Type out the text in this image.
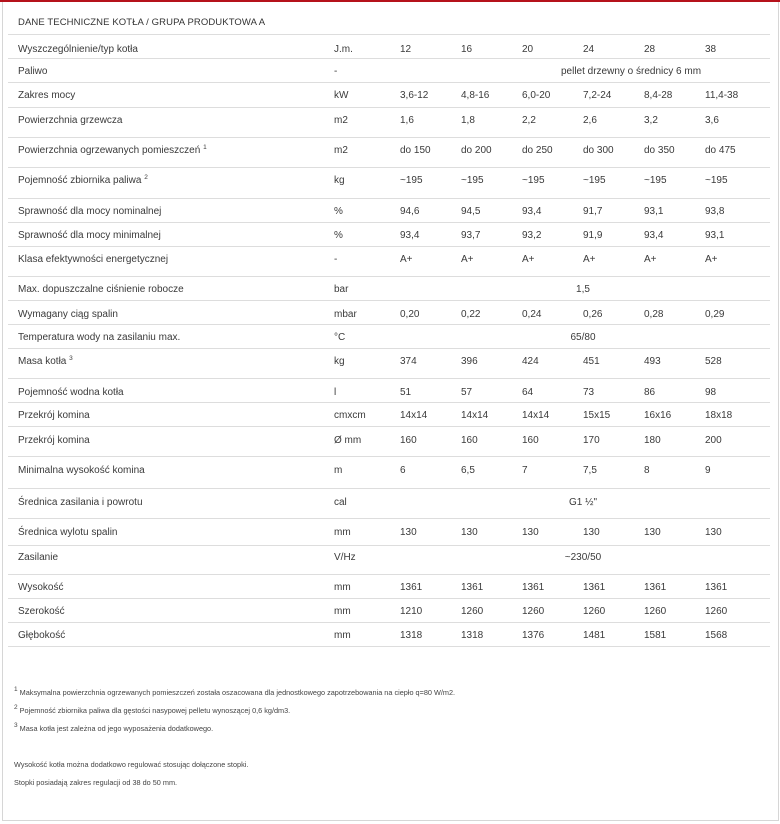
DANE TECHNICZNE KOTŁA / GRUPA PRODUKTOWA A
Wyszczególnienie/typ kotła	J.m.	12	16	20	24	28	38
Paliwo	-	pellet drzewny o średnicy 6 mm
Zakres mocy	kW	3,6-12	4,8-16	6,0-20	7,2-24	8,4-28	11,4-38
Powierzchnia grzewcza	m2	1,6	1,8	2,2	2,6	3,2	3,6
Powierzchnia ogrzewanych pomieszczeń $^1$	m2	do 150	do 200	do 250	do 300	do 350	do 475
Pojemność zbiornika paliwa $^2$	kg	~195	~195	~195	~195	~195	~195
Sprawność dla mocy nominalnej	%	94,6	94,5	93,4	91,7	93,1	93,8
Sprawność dla mocy minimalnej	%	93,4	93,7	93,2	91,9	93,4	93,1
Klasa efektywności energetycznej	-	A+	A+	A+	A+	A+	A+
Max. dopuszczalne ciśnienie robocze	bar	1,5
Wymagany ciąg spalin	mbar	0,20	0,22	0,24	0,26	0,28	0,29
Temperatura wody na zasilaniu max.	°C	65/80
Masa kotła $^3$	kg	374	396	424	451	493	528
Pojemność wodna kotła	l	51	57	64	73	86	98
Przekrój komina	cmxcm	14x14	14x14	14x14	15x15	16x16	18x18
Przekrój komina	Ø mm	160	160	160	170	180	200
Minimalna wysokość komina	m	6	6,5	7	7,5	8	9
Średnica zasilania i powrotu	cal	G1 ½"
Średnica wylotu spalin	mm	130	130	130	130	130	130
Zasilanie	V/Hz	~230/50
Wysokość	mm	1361	1361	1361	1361	1361	1361
Szerokość	mm	1210	1260	1260	1260	1260	1260
Głębokość	mm	1318	1318	1376	1481	1581	1568
$^1$ Maksymalna powierzchnia ogrzewanych pomieszczeń została oszacowana dla jednostkowego zapotrzebowania na ciepło q=80 W/m2.
$^2$ Pojemność zbiornika paliwa dla gęstości nasypowej pelletu wynoszącej 0,6 kg/dm3.
$^3$ Masa kotła jest zależna od jego wyposażenia dodatkowego.
Wysokość kotła można dodatkowo regulować stosując dołączone stopki.
Stopki posiadają zakres regulacji od 38 do 50 mm.
